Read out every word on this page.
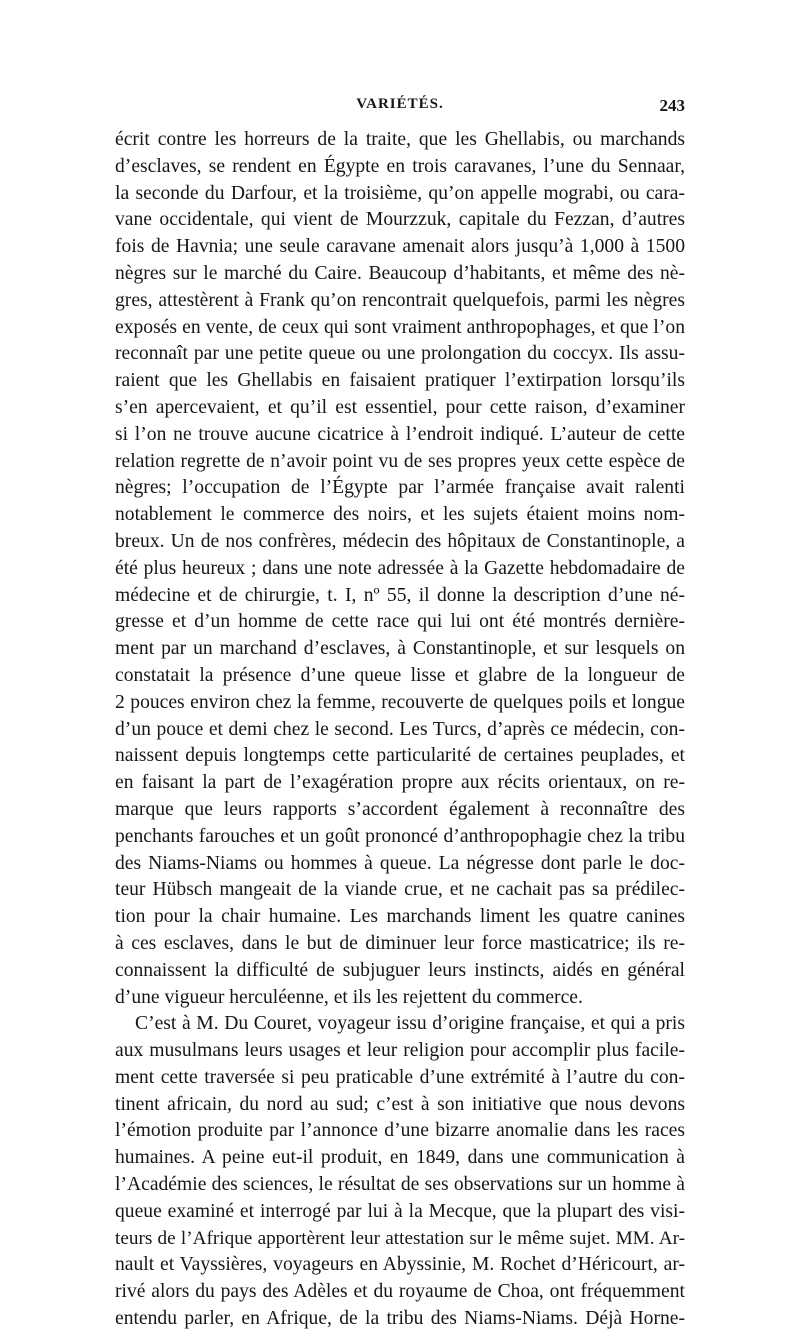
VARIÉTÉS.	243
écrit contre les horreurs de la traite, que les Ghellabis, ou marchands
d’esclaves, se rendent en Égypte en trois caravanes, l’une du Sennaar,
la seconde du Darfour, et la troisième, qu’on appelle mograbi, ou cara-
vane occidentale, qui vient de Mourzzuk, capitale du Fezzan, d’autres
fois de Havnia; une seule caravane amenait alors jusqu’à 1,000 à 1500
nègres sur le marché du Caire. Beaucoup d’habitants, et même des nè-
gres, attestèrent à Frank qu’on rencontrait quelquefois, parmi les nègres
exposés en vente, de ceux qui sont vraiment anthropophages, et que l’on
reconnaît par une petite queue ou une prolongation du coccyx. Ils assu-
raient que les Ghellabis en faisaient pratiquer l’extirpation lorsqu’ils
s’en apercevaient, et qu’il est essentiel, pour cette raison, d’examiner
si l’on ne trouve aucune cicatrice à l’endroit indiqué. L’auteur de cette
relation regrette de n’avoir point vu de ses propres yeux cette espèce de
nègres; l’occupation de l’Égypte par l’armée française avait ralenti
notablement le commerce des noirs, et les sujets étaient moins nom-
breux. Un de nos confrères, médecin des hôpitaux de Constantinople, a
été plus heureux ; dans une note adressée à la Gazette hebdomadaire de
médecine et de chirurgie, t. I, nº 55, il donne la description d’une né-
gresse et d’un homme de cette race qui lui ont été montrés dernière-
ment par un marchand d’esclaves, à Constantinople, et sur lesquels on
constatait la présence d’une queue lisse et glabre de la longueur de
2 pouces environ chez la femme, recouverte de quelques poils et longue
d’un pouce et demi chez le second. Les Turcs, d’après ce médecin, con-
naissent depuis longtemps cette particularité de certaines peuplades, et
en faisant la part de l’exagération propre aux récits orientaux, on re-
marque que leurs rapports s’accordent également à reconnaître des
penchants farouches et un goût prononcé d’anthropophagie chez la tribu
des Niams-Niams ou hommes à queue. La négresse dont parle le doc-
teur Hübsch mangeait de la viande crue, et ne cachait pas sa prédilec-
tion pour la chair humaine. Les marchands liment les quatre canines
à ces esclaves, dans le but de diminuer leur force masticatrice; ils re-
connaissent la difficulté de subjuguer leurs instincts, aidés en général
d’une vigueur herculéenne, et ils les rejettent du commerce.
C’est à M. Du Couret, voyageur issu d’origine française, et qui a pris
aux musulmans leurs usages et leur religion pour accomplir plus facile-
ment cette traversée si peu praticable d’une extrémité à l’autre du con-
tinent africain, du nord au sud; c’est à son initiative que nous devons
l’émotion produite par l’annonce d’une bizarre anomalie dans les races
humaines. A peine eut-il produit, en 1849, dans une communication à
l’Académie des sciences, le résultat de ses observations sur un homme à
queue examiné et interrogé par lui à la Mecque, que la plupart des visi-
teurs de l’Afrique apportèrent leur attestation sur le même sujet. MM. Ar-
nault et Vayssières, voyageurs en Abyssinie, M. Rochet d’Héricourt, ar-
rivé alors du pays des Adèles et du royaume de Choa, ont fréquemment
entendu parler, en Afrique, de la tribu des Niams-Niams. Déjà Horne-
